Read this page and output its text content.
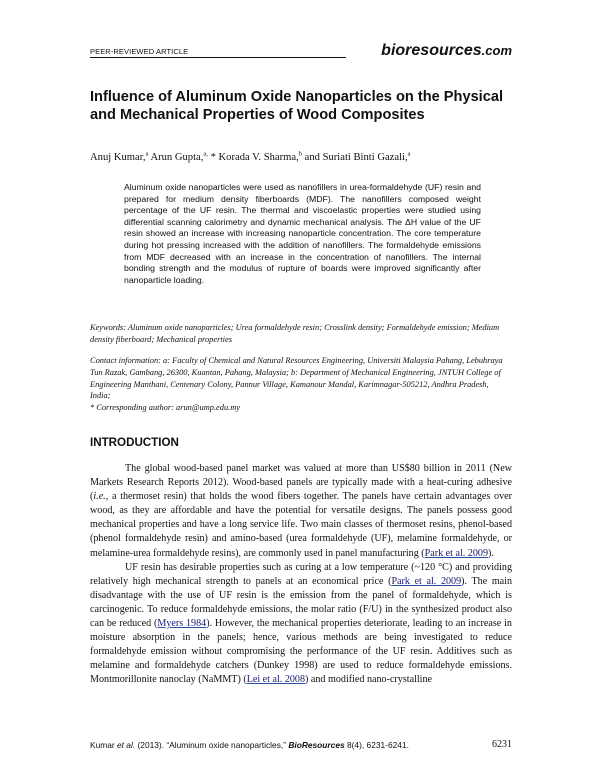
PEER-REVIEWED ARTICLE	bioresources.com
Influence of Aluminum Oxide Nanoparticles on the Physical and Mechanical Properties of Wood Composites

Anuj Kumar,$^a$ Arun Gupta,$^{a,}$ * Korada V. Sharma,$^b$ and Suriati Binti Gazali,$^a$

Aluminum oxide nanoparticles were used as nanofillers in urea-formaldehyde (UF) resin and prepared for medium density fiberboards (MDF). The nanofillers composed weight percentage of the UF resin. The thermal and viscoelastic properties were studied using differential scanning calorimetry and dynamic mechanical analysis. The ΔH value of the UF resin showed an increase with increasing nanoparticle concentration. The core temperature during hot pressing increased with the addition of nanofillers. The formaldehyde emissions from MDF decreased with an increase in the concentration of nanofillers. The internal bonding strength and the modulus of rupture of boards were improved significantly after nanoparticle loading.

Keywords: Aluminum oxide nanoparticles; Urea formaldehyde resin; Crosslink density; Formaldehyde emission; Medium density fiberboard; Mechanical properties

Contact information: a: Faculty of Chemical and Natural Resources Engineering, Universiti Malaysia Pahang, Lebuhraya Tun Razak, Gambang, 26300, Kuantan, Pahang, Malaysia; b: Department of Mechanical Engineering, JNTUH College of Engineering Manthani, Centenary Colony, Pannur Village, Kamanour Mandal, Karimnagar-505212, Andhra Pradesh, India;
* Corresponding author: arun@ump.edu.my
INTRODUCTION

The global wood-based panel market was valued at more than US$80 billion in 2011 (New Markets Research Reports 2012). Wood-based panels are typically made with a heat-curing adhesive (i.e., a thermoset resin) that holds the wood fibers together. The panels have certain advantages over wood, as they are affordable and have the potential for versatile designs. The panels possess good mechanical properties and have a long service life. Two main classes of thermoset resins, phenol-based (phenol formaldehyde resin) and amino-based (urea formaldehyde (UF), melamine formaldehyde, or melamine-urea formaldehyde resins), are commonly used in panel manufacturing (Park et al. 2009).

UF resin has desirable properties such as curing at a low temperature (~120 °C) and providing relatively high mechanical strength to panels at an economical price (Park et al. 2009). The main disadvantage with the use of UF resin is the emission from the panel of formaldehyde, which is carcinogenic. To reduce formaldehyde emissions, the molar ratio (F/U) in the synthesized product also can be reduced (Myers 1984). However, the mechanical properties deteriorate, leading to an increase in moisture absorption in the panels; hence, various methods are being investigated to reduce formaldehyde emission without compromising the performance of the UF resin. Additives such as melamine and formaldehyde catchers (Dunkey 1998) are used to reduce formaldehyde emissions. Montmorillonite nanoclay (NaMMT) (Lei et al. 2008) and modified nano-crystalline

Kumar et al. (2013). “Aluminum oxide nanoparticles,” BioResources 8(4), 6231-6241.	6231
